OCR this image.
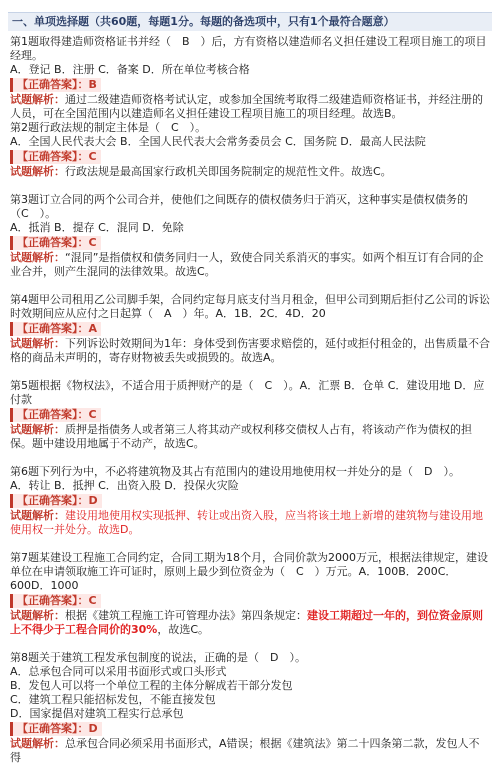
一、单项选择题（共60题，每题1分。每题的备选项中，只有1个最符合题意）

第1题取得建造师资格证书并经（　B　）后，方有资格以建造师名义担任建设工程项目施工的项目经理。

A．登记 B．注册 C．备案 D．所在单位考核合格

【正确答案】：B

试题解析：通过二级建造师资格考试认定，或参加全国统考取得二级建造师资格证书，并经注册的人员，可在全国范围内以建造师名义担任建设工程项目施工的项目经理。故选B。

第2题行政法规的制定主体是（　C　）。

A．全国人民代表大会 B．全国人民代表大会常务委员会 C．国务院 D．最高人民法院

【正确答案】：C

试题解析：行政法规是最高国家行政机关即国务院制定的规范性文件。故选C。

第3题订立合同的两个公司合并，使他们之间既存的债权债务归于消灭，这种事实是债权债务的（C　）。

A．抵消 B．提存 C．混同 D．免除

【正确答案】：C

试题解析：“混同”是指债权和债务同归一人，致使合同关系消灭的事实。如两个相互订有合同的企业合并，则产生混同的法律效果。故选C。

第4题甲公司租用乙公司脚手架，合同约定每月底支付当月租金，但甲公司到期后拒付乙公司的诉讼时效期间应从应付之日起算（　A　）年。A．1B．2C．4D．20

【正确答案】：A

试题解析：下列诉讼时效期间为1年：身体受到伤害要求赔偿的，延付或拒付租金的，出售质量不合格的商品未声明的，寄存财物被丢失或损毁的。故选A。

第5题根据《物权法》，不适合用于质押财产的是（　C　）。A．汇票 B．仓单 C．建设用地 D．应付款

【正确答案】：C

试题解析：质押是指债务人或者第三人将其动产或权利移交债权人占有，将该动产作为债权的担保。题中建设用地属于不动产，故选C。

第6题下列行为中，不必将建筑物及其占有范围内的建设用地使用权一并处分的是（　D　）。

A．转让 B．抵押 C．出资入股 D．投保火灾险

【正确答案】：D

试题解析：建设用地使用权实现抵押、转让或出资入股，应当将该土地上新增的建筑物与建设用地使用权一并处分。故选D。

第7题某建设工程施工合同约定，合同工期为18个月，合同价款为2000万元，根据法律规定，建设单位在申请领取施工许可证时，原则上最少到位资金为（　C　）万元。A．100B．200C．600D．1000

【正确答案】：C

试题解析：根据《建筑工程施工许可管理办法》第四条规定：建设工期超过一年的，到位资金原则上不得少于工程合同价的30%，故选C。

第8题关于建筑工程发承包制度的说法，正确的是（　D　）。

A．总承包合同可以采用书面形式或口头形式

B．发包人可以将一个单位工程的主体分解成若干部分发包

C．建筑工程只能招标发包，不能直接发包

D．国家提倡对建筑工程实行总承包

【正确答案】：D

试题解析：总承包合同必须采用书面形式，A错误；根据《建筑法》第二十四条第二款，发包人不得
